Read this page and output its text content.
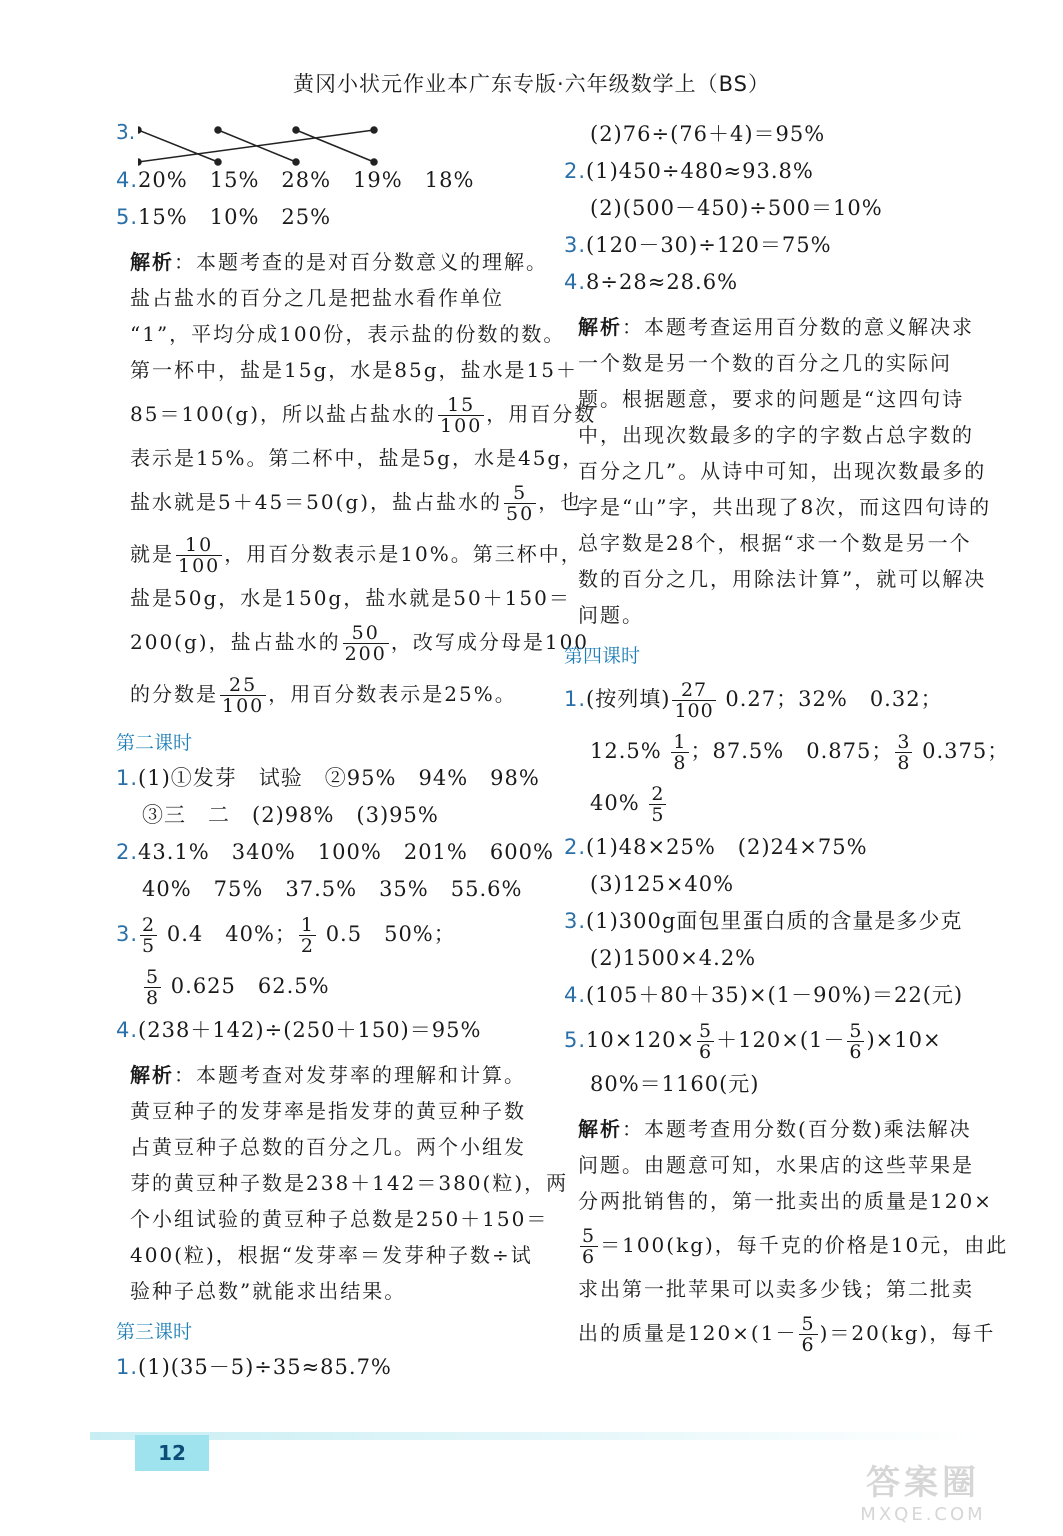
黄冈小状元作业本广东专版·六年级数学上（BS）
3.
4.20%　15%　28%　19%　18%
5.15%　10%　25%
解析：本题考查的是对百分数意义的理解。
盐占盐水的百分之几是把盐水看作单位
“1”，平均分成100份，表示盐的份数的数。
第一杯中，盐是15g，水是85g，盐水是15＋
85＝100(g)，所以盐占盐水的 $\frac{15}{100}$ ，用百分数
表示是15%。第二杯中，盐是5g，水是45g，
盐水就是5＋45＝50(g)，盐占盐水的 $\frac{5}{50}$ ，也
就是 $\frac{10}{100}$ ，用百分数表示是10%。第三杯中，
盐是50g，水是150g，盐水就是50＋150＝
200(g)，盐占盐水的 $\frac{50}{200}$ ，改写成分母是100
的分数是 $\frac{25}{100}$ ，用百分数表示是25%。
第二课时
1.(1)①发芽　试验　②95%　94%　98%
③三　二　(2)98%　(3)95%
2.43.1%　340%　100%　201%　600%
40%　75%　37.5%　35%　55.6%
3. $\frac{2}{5} 0.4$　40%； $\frac{1}{2} 0.5$　50%；
$\frac{5}{8} 0.625$　62.5%
4.(238＋142)÷(250＋150)＝95%
解析：本题考查对发芽率的理解和计算。
黄豆种子的发芽率是指发芽的黄豆种子数
占黄豆种子总数的百分之几。两个小组发
芽的黄豆种子数是238＋142＝380(粒)，两
个小组试验的黄豆种子总数是250＋150＝
400(粒)，根据“发芽率＝发芽种子数÷试
验种子总数”就能求出结果。
第三课时
1.(1)(35－5)÷35≈85.7%
(2)76÷(76＋4)＝95%
2.(1)450÷480≈93.8%
(2)(500－450)÷500＝10%
3.(120－30)÷120＝75%
4.8÷28≈28.6%
解析：本题考查运用百分数的意义解决求
一个数是另一个数的百分之几的实际问
题。根据题意，要求的问题是“这四句诗
中，出现次数最多的字的字数占总字数的
百分之几”。从诗中可知，出现次数最多的
字是“山”字，共出现了8次，而这四句诗的
总字数是28个，根据“求一个数是另一个
数的百分之几，用除法计算”，就可以解决
问题。
第四课时
1.(按列填) $\frac{27}{100} 0.27$；32%　0.32；
$12.5\% \frac{1}{8}$ ；87.5%　0.875； $\frac{3}{8} 0.375$；
$40\% \frac{2}{5}$
2.(1)48×25%　(2)24×75%
(3)125×40%
3.(1)300g面包里蛋白质的含量是多少克
(2)1500×4.2%
4.(105＋80＋35)×(1－90%)＝22(元)
$5.10\times 120\times \frac{5}{6} +120\times(1- \frac{5}{6} )\times 10\times$
80%＝1160(元)
解析：本题考查用分数(百分数)乘法解决
问题。由题意可知，水果店的这些苹果是
分两批销售的，第一批卖出的质量是120×
$\frac{5}{6} =100(kg)$，每千克的价格是10元，由此
求出第一批苹果可以卖多少钱；第二批卖
出的质量是$120\times(1- \frac{5}{6} )=20(kg)$，每千
12
答案圈
MXQE.COM
